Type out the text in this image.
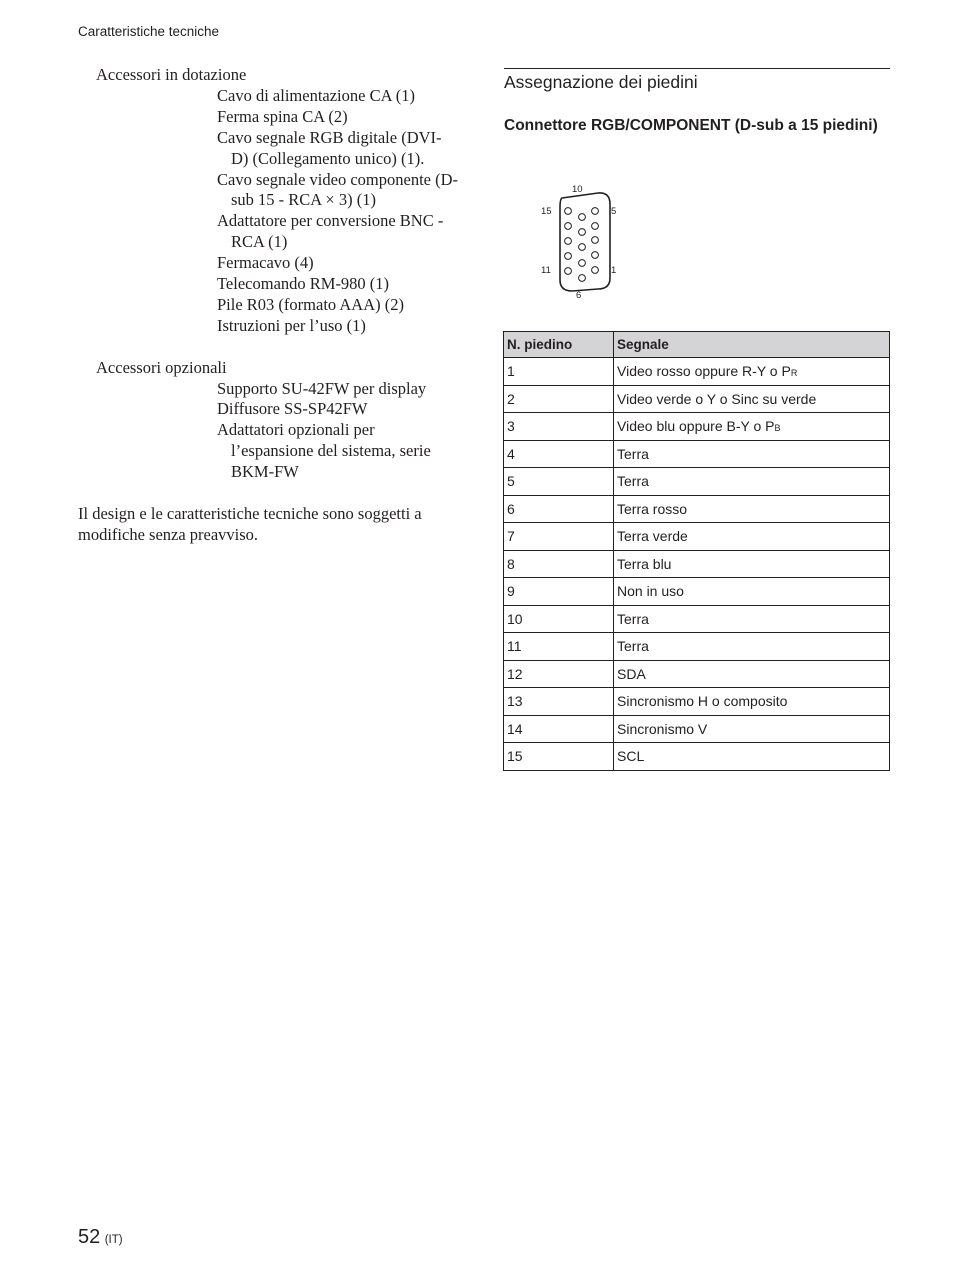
Caratteristiche tecniche
Accessori in dotazione
Cavo di alimentazione CA (1)
Ferma spina CA (2)
Cavo segnale RGB digitale (DVI-D) (Collegamento unico) (1).
Cavo segnale video componente (D-sub 15 - RCA × 3) (1)
Adattatore per conversione BNC - RCA (1)
Fermacavo (4)
Telecomando RM-980 (1)
Pile R03 (formato AAA) (2)
Istruzioni per l’uso (1)
Accessori opzionali
Supporto SU-42FW per display
Diffusore SS-SP42FW
Adattatori opzionali per l’espansione del sistema, serie BKM-FW
Il design e le caratteristiche tecniche sono soggetti a modifiche senza preavviso.
Assegnazione dei piedini
Connettore RGB/COMPONENT (D-sub a 15 piedini)
10
15	5
11	1
6
N. piedino	Segnale
1	Video rosso oppure R-Y o PR
2	Video verde o Y o Sinc su verde
3	Video blu oppure B-Y o PB
4	Terra
5	Terra
6	Terra rosso
7	Terra verde
8	Terra blu
9	Non in uso
10	Terra
11	Terra
12	SDA
13	Sincronismo H o composito
14	Sincronismo V
15	SCL
52 (IT)
